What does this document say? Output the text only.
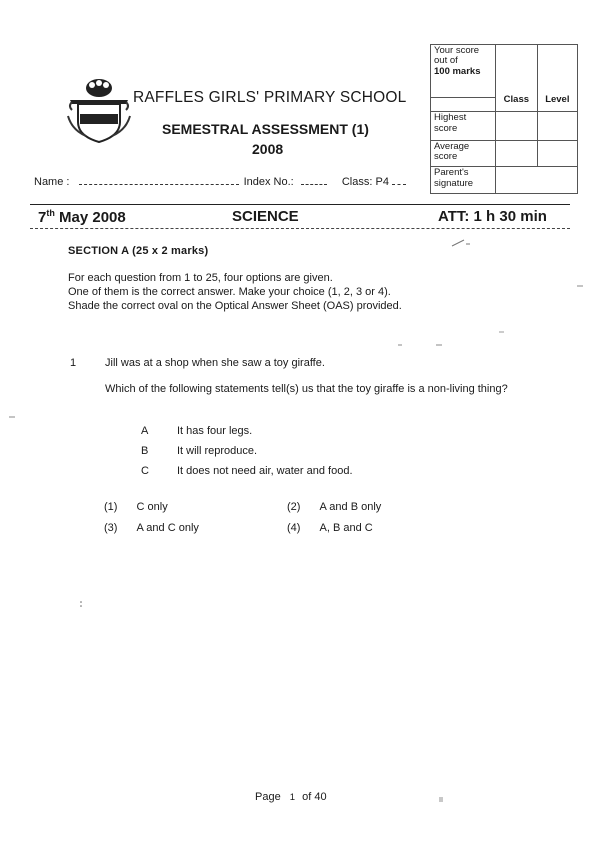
RAFFLES GIRLS' PRIMARY SCHOOL
SEMESTRAL ASSESSMENT (1)
2008
Name :	Index No.:	Class: P4
Your score out of
100 marks	Class	Level

Highest score		
Average score		
Parent's signature		
7th May 2008	SCIENCE	ATT: 1 h 30 min
SECTION A (25 x 2 marks)
For each question from 1 to 25, four options are given.
One of them is the correct answer. Make your choice (1, 2, 3 or 4).
Shade the correct oval on the Optical Answer Sheet (OAS) provided.
1	Jill was at a shop when she saw a toy giraffe.
Which of the following statements tell(s) us that the toy giraffe is a non-living thing?
A	It has four legs.
B	It will reproduce.
C	It does not need air, water and food.
(1) C only	(2) A and B only
(3) A and C only	(4) A, B and C
Page 1 of 40
